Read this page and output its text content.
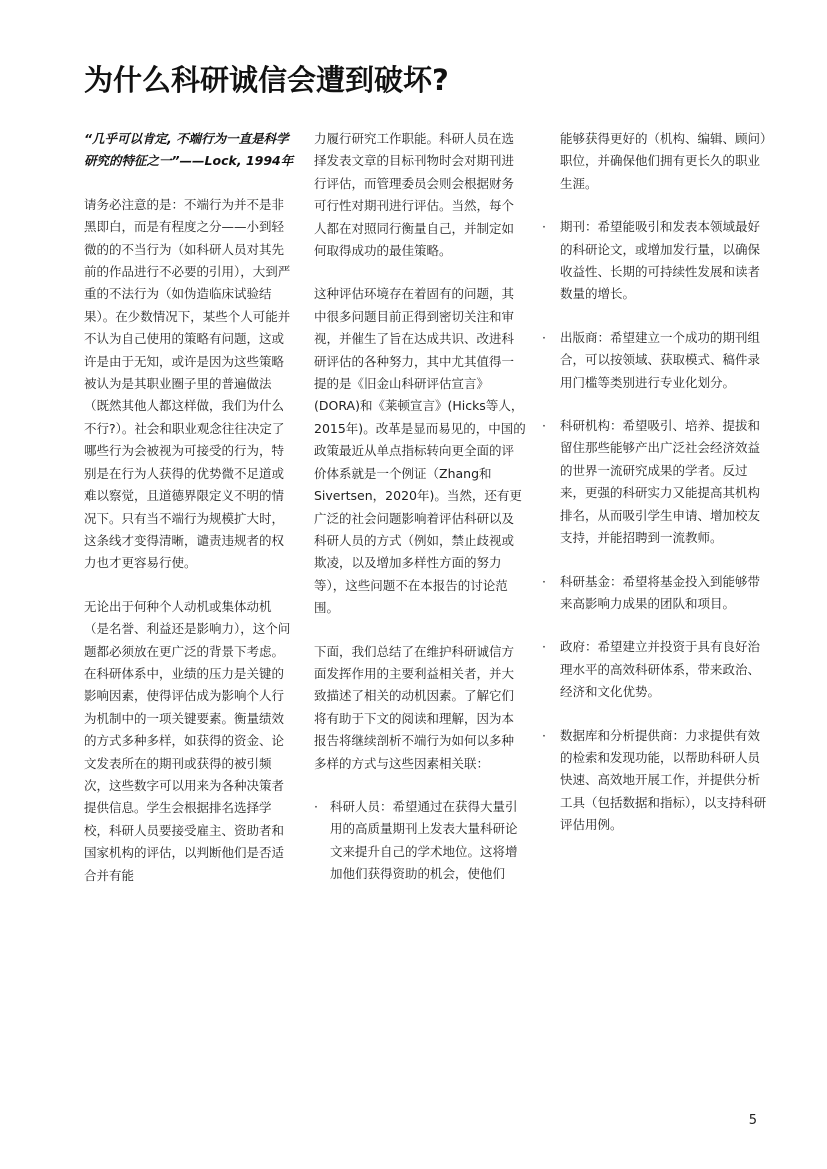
为什么科研诚信会遭到破坏?
“几乎可以肯定, 不端行为一直是科学研究的特征之一”——Lock, 1994年

请务必注意的是：不端行为并不是非黑即白，而是有程度之分——小到轻微的的不当行为（如科研人员对其先前的作品进行不必要的引用），大到严重的不法行为（如伪造临床试验结果）。在少数情况下，某些个人可能并不认为自己使用的策略有问题，这或许是由于无知，或许是因为这些策略被认为是其职业圈子里的普遍做法（既然其他人都这样做，我们为什么不行?）。社会和职业观念往往决定了哪些行为会被视为可接受的行为，特别是在行为人获得的优势微不足道或难以察觉，且道德界限定义不明的情况下。只有当不端行为规模扩大时，这条线才变得清晰，谴责违规者的权力也才更容易行使。

无论出于何种个人动机或集体动机（是名誉、利益还是影响力），这个问题都必须放在更广泛的背景下考虑。在科研体系中，业绩的压力是关键的影响因素，使得评估成为影响个人行为机制中的一项关键要素。衡量绩效的方式多种多样，如获得的资金、论文发表所在的期刊或获得的被引频次，这些数字可以用来为各种决策者提供信息。学生会根据排名选择学校，科研人员要接受雇主、资助者和国家机构的评估，以判断他们是否适合并有能

力履行研究工作职能。科研人员在选择发表文章的目标刊物时会对期刊进行评估，而管理委员会则会根据财务可行性对期刊进行评估。当然，每个人都在对照同行衡量自己，并制定如何取得成功的最佳策略。

这种评估环境存在着固有的问题，其中很多问题目前正得到密切关注和审视，并催生了旨在达成共识、改进科研评估的各种努力，其中尤其值得一提的是《旧金山科研评估宣言》(DORA)和《莱顿宣言》(Hicks等人，2015年)。改革是显而易见的，中国的政策最近从单点指标转向更全面的评价体系就是一个例证（Zhang和Sivertsen，2020年)。当然，还有更广泛的社会问题影响着评估科研以及科研人员的方式（例如，禁止歧视或欺凌，以及增加多样性方面的努力等），这些问题不在本报告的讨论范围。

下面，我们总结了在维护科研诚信方面发挥作用的主要利益相关者，并大致描述了相关的动机因素。了解它们将有助于下文的阅读和理解，因为本报告将继续剖析不端行为如何以多种多样的方式与这些因素相关联：

· 科研人员：希望通过在获得大量引用的高质量期刊上发表大量科研论文来提升自己的学术地位。这将增加他们获得资助的机会，使他们

能够获得更好的（机构、编辑、顾问）职位，并确保他们拥有更长久的职业生涯。

·	期刊：希望能吸引和发表本领域最好的科研论文，或增加发行量，以确保收益性、长期的可持续性发展和读者数量的增长。
·	出版商：希望建立一个成功的期刊组合，可以按领域、获取模式、稿件录用门槛等类别进行专业化划分。
·	科研机构：希望吸引、培养、提拔和留住那些能够产出广泛社会经济效益的世界一流研究成果的学者。反过来，更强的科研实力又能提高其机构排名，从而吸引学生申请、增加校友支持，并能招聘到一流教师。
·	科研基金：希望将基金投入到能够带来高影响力成果的团队和项目。
·	政府：希望建立并投资于具有良好治理水平的高效科研体系，带来政治、经济和文化优势。
·	数据库和分析提供商：力求提供有效的检索和发现功能，以帮助科研人员快速、高效地开展工作，并提供分析工具（包括数据和指标），以支持科研评估用例。
5
